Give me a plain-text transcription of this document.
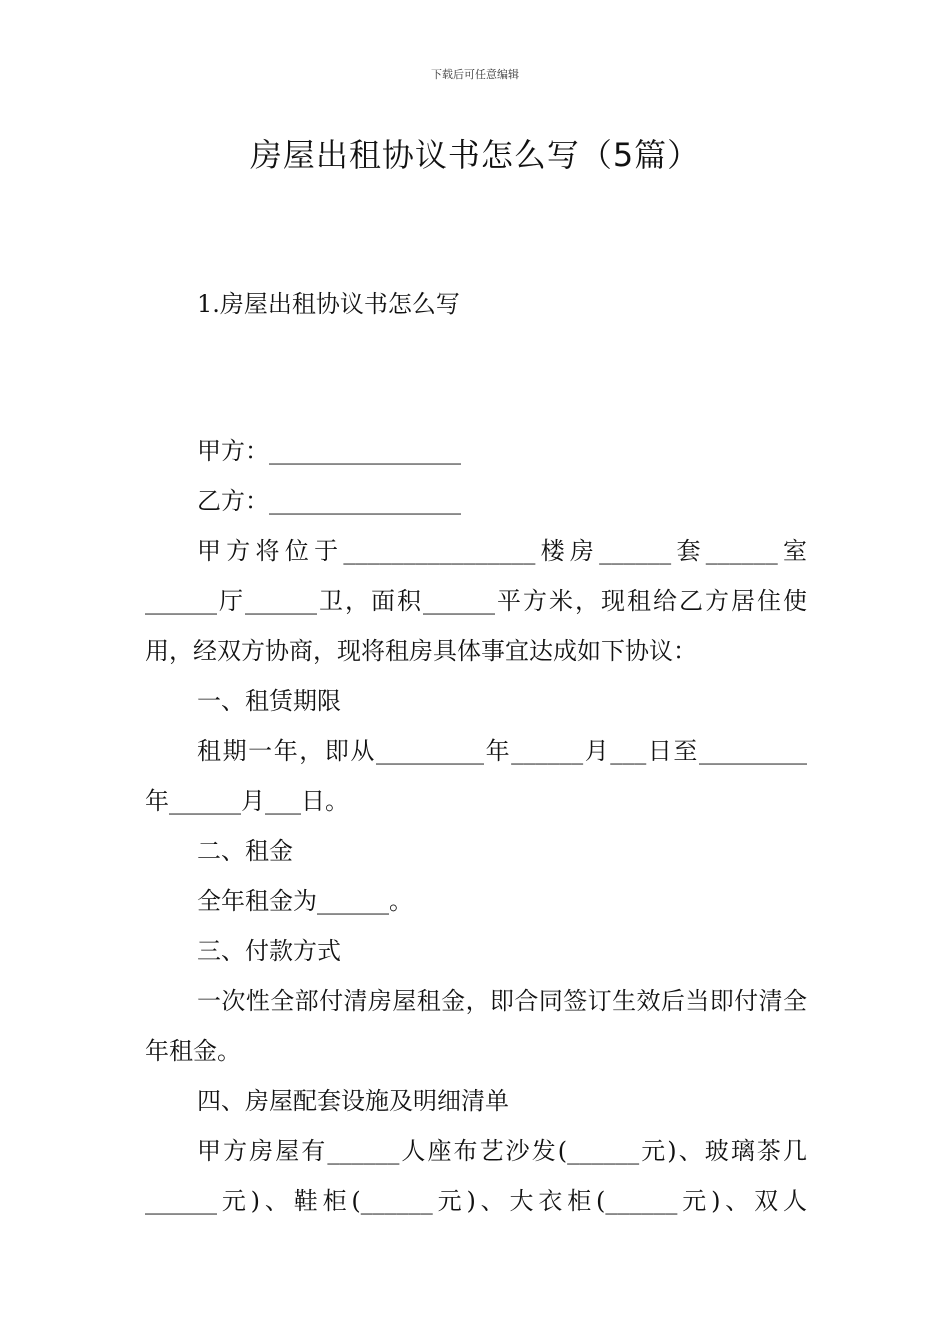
下载后可任意编辑
房屋出租协议书怎么写（5篇）
1.房屋出租协议书怎么写

甲方：________________

乙方：________________

甲方将位于________________楼房______套______室______厅______卫，面积______平方米，现租给乙方居住使用，经双方协商，现将租房具体事宜达成如下协议：

一、租赁期限

租期一年，即从_________年______月___日至_________年______月___日。

二、租金

全年租金为______。

三、付款方式

一次性全部付清房屋租金，即合同签订生效后当即付清全年租金。

四、房屋配套设施及明细清单

甲方房屋有______人座布艺沙发(______元)、玻璃茶几______元)、鞋柜(______元)、大衣柜(______元)、双人
